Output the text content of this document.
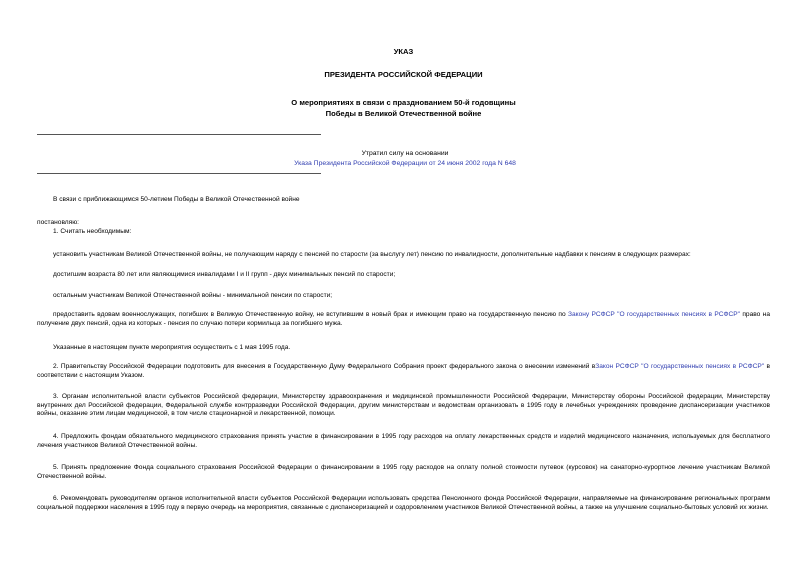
УКАЗ
ПРЕЗИДЕНТА РОССИЙСКОЙ ФЕДЕРАЦИИ
О мероприятиях в связи с празднованием 50-й годовщины
Победы в Великой Отечественной войне
Утратил силу на основании
Указа Президента Российской Федерации от 24 июня 2002 года N 648
В связи с приближающимся 50-летием Победы в Великой Отечественной войне
постановляю:
1. Считать необходимым:
установить участникам Великой Отечественной войны, не получающим наряду с пенсией по старости (за выслугу лет) пенсию по инвалидности, дополнительные надбавки к пенсиям в следующих размерах:
достигшим возраста 80 лет или являющимися инвалидами I и II групп - двух минимальных пенсий по старости;
остальным участникам Великой Отечественной войны - минимальной пенсии по старости;
предоставить вдовам военнослужащих, погибших в Великую Отечественную войну, не вступившим в новый брак и имеющим право на государственную пенсию по Закону РСФСР "О государственных пенсиях в РСФСР" право на получение двух пенсий, одна из которых - пенсия по случаю потери кормильца за погибшего мужа.
Указанные в настоящем пункте мероприятия осуществить с 1 мая 1995 года.
2. Правительству Российской Федерации подготовить для внесения в Государственную Думу Федерального Собрания проект федерального закона о внесении изменений вЗакон РСФСР "О государственных пенсиях в РСФСР" в соответствии с настоящим Указом.
3. Органам исполнительной власти субъектов Российской федерации, Министерству здравоохранения и медицинской промышленности Российской Федерации, Министерству обороны Российской федерации, Министерству внутренних дел Российской федерации, Федеральной службе контрразведки Российской Федерации, другим министерствам и ведомствам организовать в 1995 году в лечебных учреждениях проведение диспансеризации участников войны, оказание этим лицам медицинской, в том числе стационарной и лекарственной, помощи.
4. Предложить фондам обязательного медицинского страхования принять участие в финансировании в 1995 году расходов на оплату лекарственных средств и изделий медицинского назначения, используемых для бесплатного лечения участников Великой Отечественной войны.
5. Принять предложение Фонда социального страхования Российской Федерации о финансировании в 1995 году расходов на оплату полной стоимости путевок (курсовок) на санаторно-курортное лечение участникам Великой Отечественной войны.
6. Рекомендовать руководителям органов исполнительной власти субъектов Российской Федерации использовать средства Пенсионного фонда Российской Федерации, направляемые на финансирование региональных программ социальной поддержки населения в 1995 году в первую очередь на мероприятия, связанные с диспансеризацией и оздоровлением участников Великой Отечественной войны, а также на улучшение социально-бытовых условий их жизни.
